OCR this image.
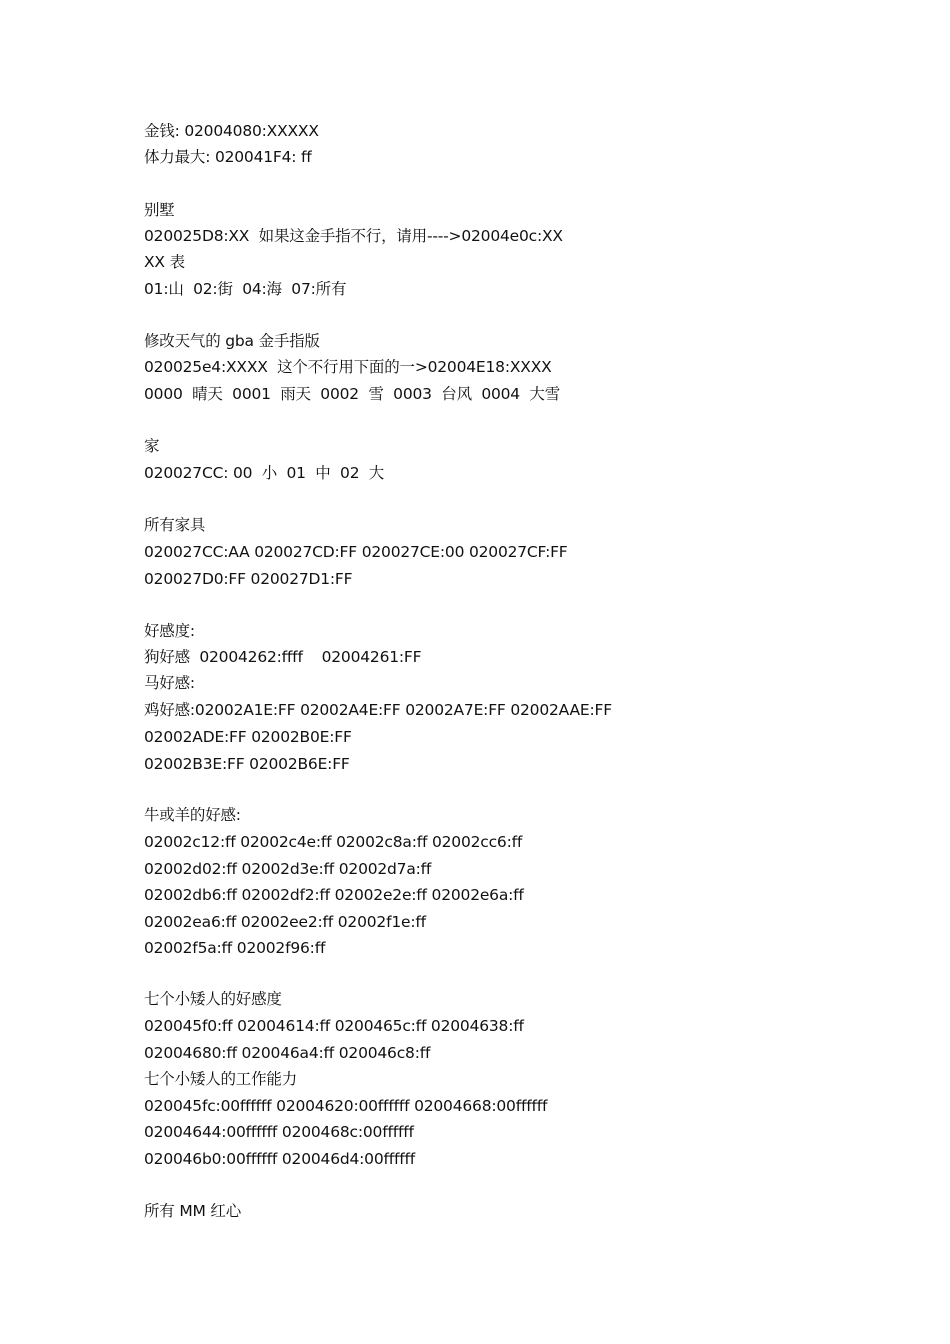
金钱: 02004080:XXXXX
体力最大: 020041F4: ff
别墅
020025D8:XX  如果这金手指不行，请用---->02004e0c:XX
XX 表
01:山  02:街  04:海  07:所有
修改天气的 gba 金手指版
020025e4:XXXX  这个不行用下面的一>02004E18:XXXX
0000  晴天  0001  雨天  0002  雪  0003  台风  0004  大雪
家
020027CC: 00  小  01  中  02  大
所有家具
020027CC:AA 020027CD:FF 020027CE:00 020027CF:FF
020027D0:FF 020027D1:FF
好感度:
狗好感  02004262:ffff    02004261:FF
马好感:
鸡好感:02002A1E:FF 02002A4E:FF 02002A7E:FF 02002AAE:FF
02002ADE:FF 02002B0E:FF
02002B3E:FF 02002B6E:FF
牛或羊的好感:
02002c12:ff 02002c4e:ff 02002c8a:ff 02002cc6:ff
02002d02:ff 02002d3e:ff 02002d7a:ff
02002db6:ff 02002df2:ff 02002e2e:ff 02002e6a:ff
02002ea6:ff 02002ee2:ff 02002f1e:ff
02002f5a:ff 02002f96:ff
七个小矮人的好感度
020045f0:ff 02004614:ff 0200465c:ff 02004638:ff
02004680:ff 020046a4:ff 020046c8:ff
七个小矮人的工作能力
020045fc:00ffffff 02004620:00ffffff 02004668:00ffffff
02004644:00ffffff 0200468c:00ffffff
020046b0:00ffffff 020046d4:00ffffff
所有 MM 红心
